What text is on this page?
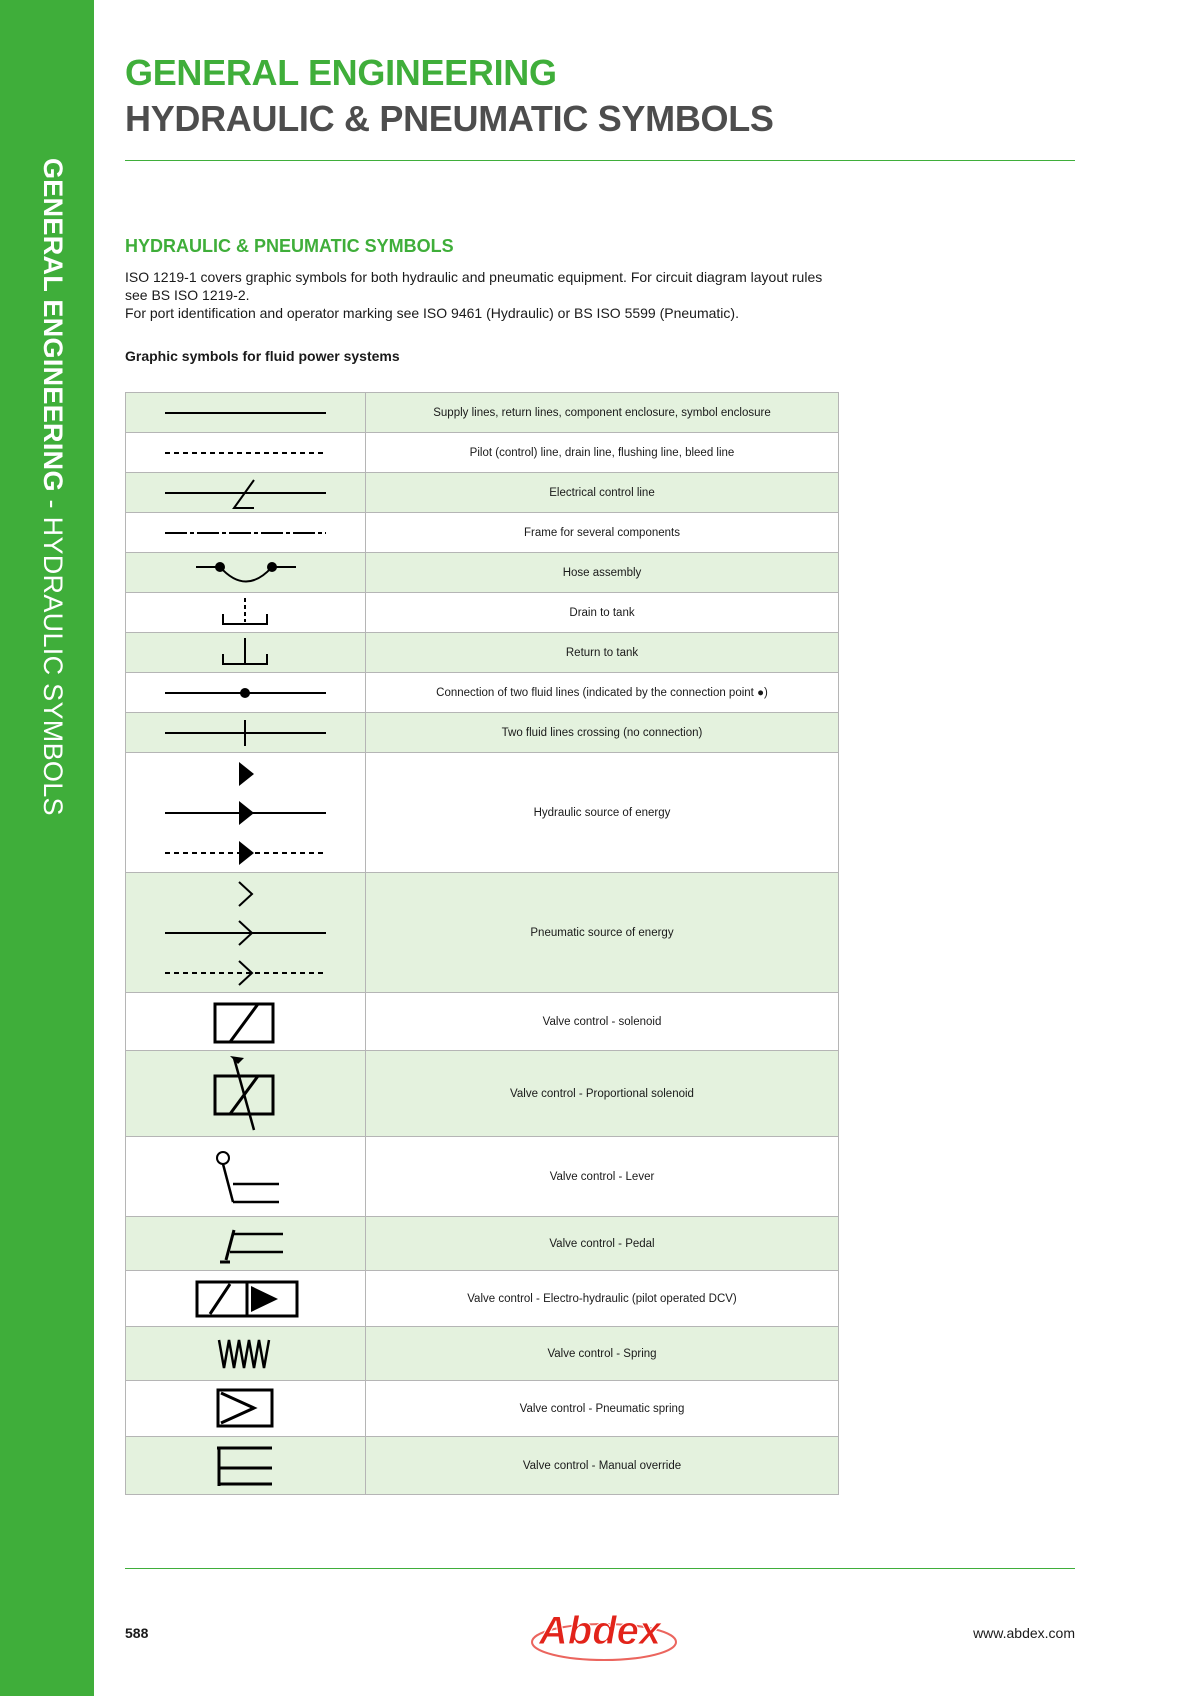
GENERAL ENGINEERING - HYDRAULIC SYMBOLS
GENERAL ENGINEERING
HYDRAULIC & PNEUMATIC SYMBOLS
HYDRAULIC & PNEUMATIC SYMBOLS

ISO 1219-1 covers graphic symbols for both hydraulic and pneumatic equipment. For circuit diagram layout rules see BS ISO 1219-2.

For port identification and operator marking see ISO 9461 (Hydraulic) or BS ISO 5599 (Pneumatic).

Graphic symbols for fluid power systems
	Supply lines, return lines, component enclosure, symbol enclosure

	Pilot (control) line, drain line, flushing line, bleed line

	Electrical control line

	Frame for several components

	Hose assembly

	Drain to tank

	Return to tank

	Connection of two fluid lines (indicated by the connection point ●)

	Two fluid lines crossing (no connection)

	Hydraulic source of energy

	Pneumatic source of energy

	Valve control - solenoid

	Valve control - Proportional solenoid

	Valve control - Lever

	Valve control - Pedal

	Valve control - Electro-hydraulic (pilot operated DCV)

	Valve control - Spring

	Valve control - Pneumatic spring

	Valve control - Manual override
588	Abdex	www.abdex.com
